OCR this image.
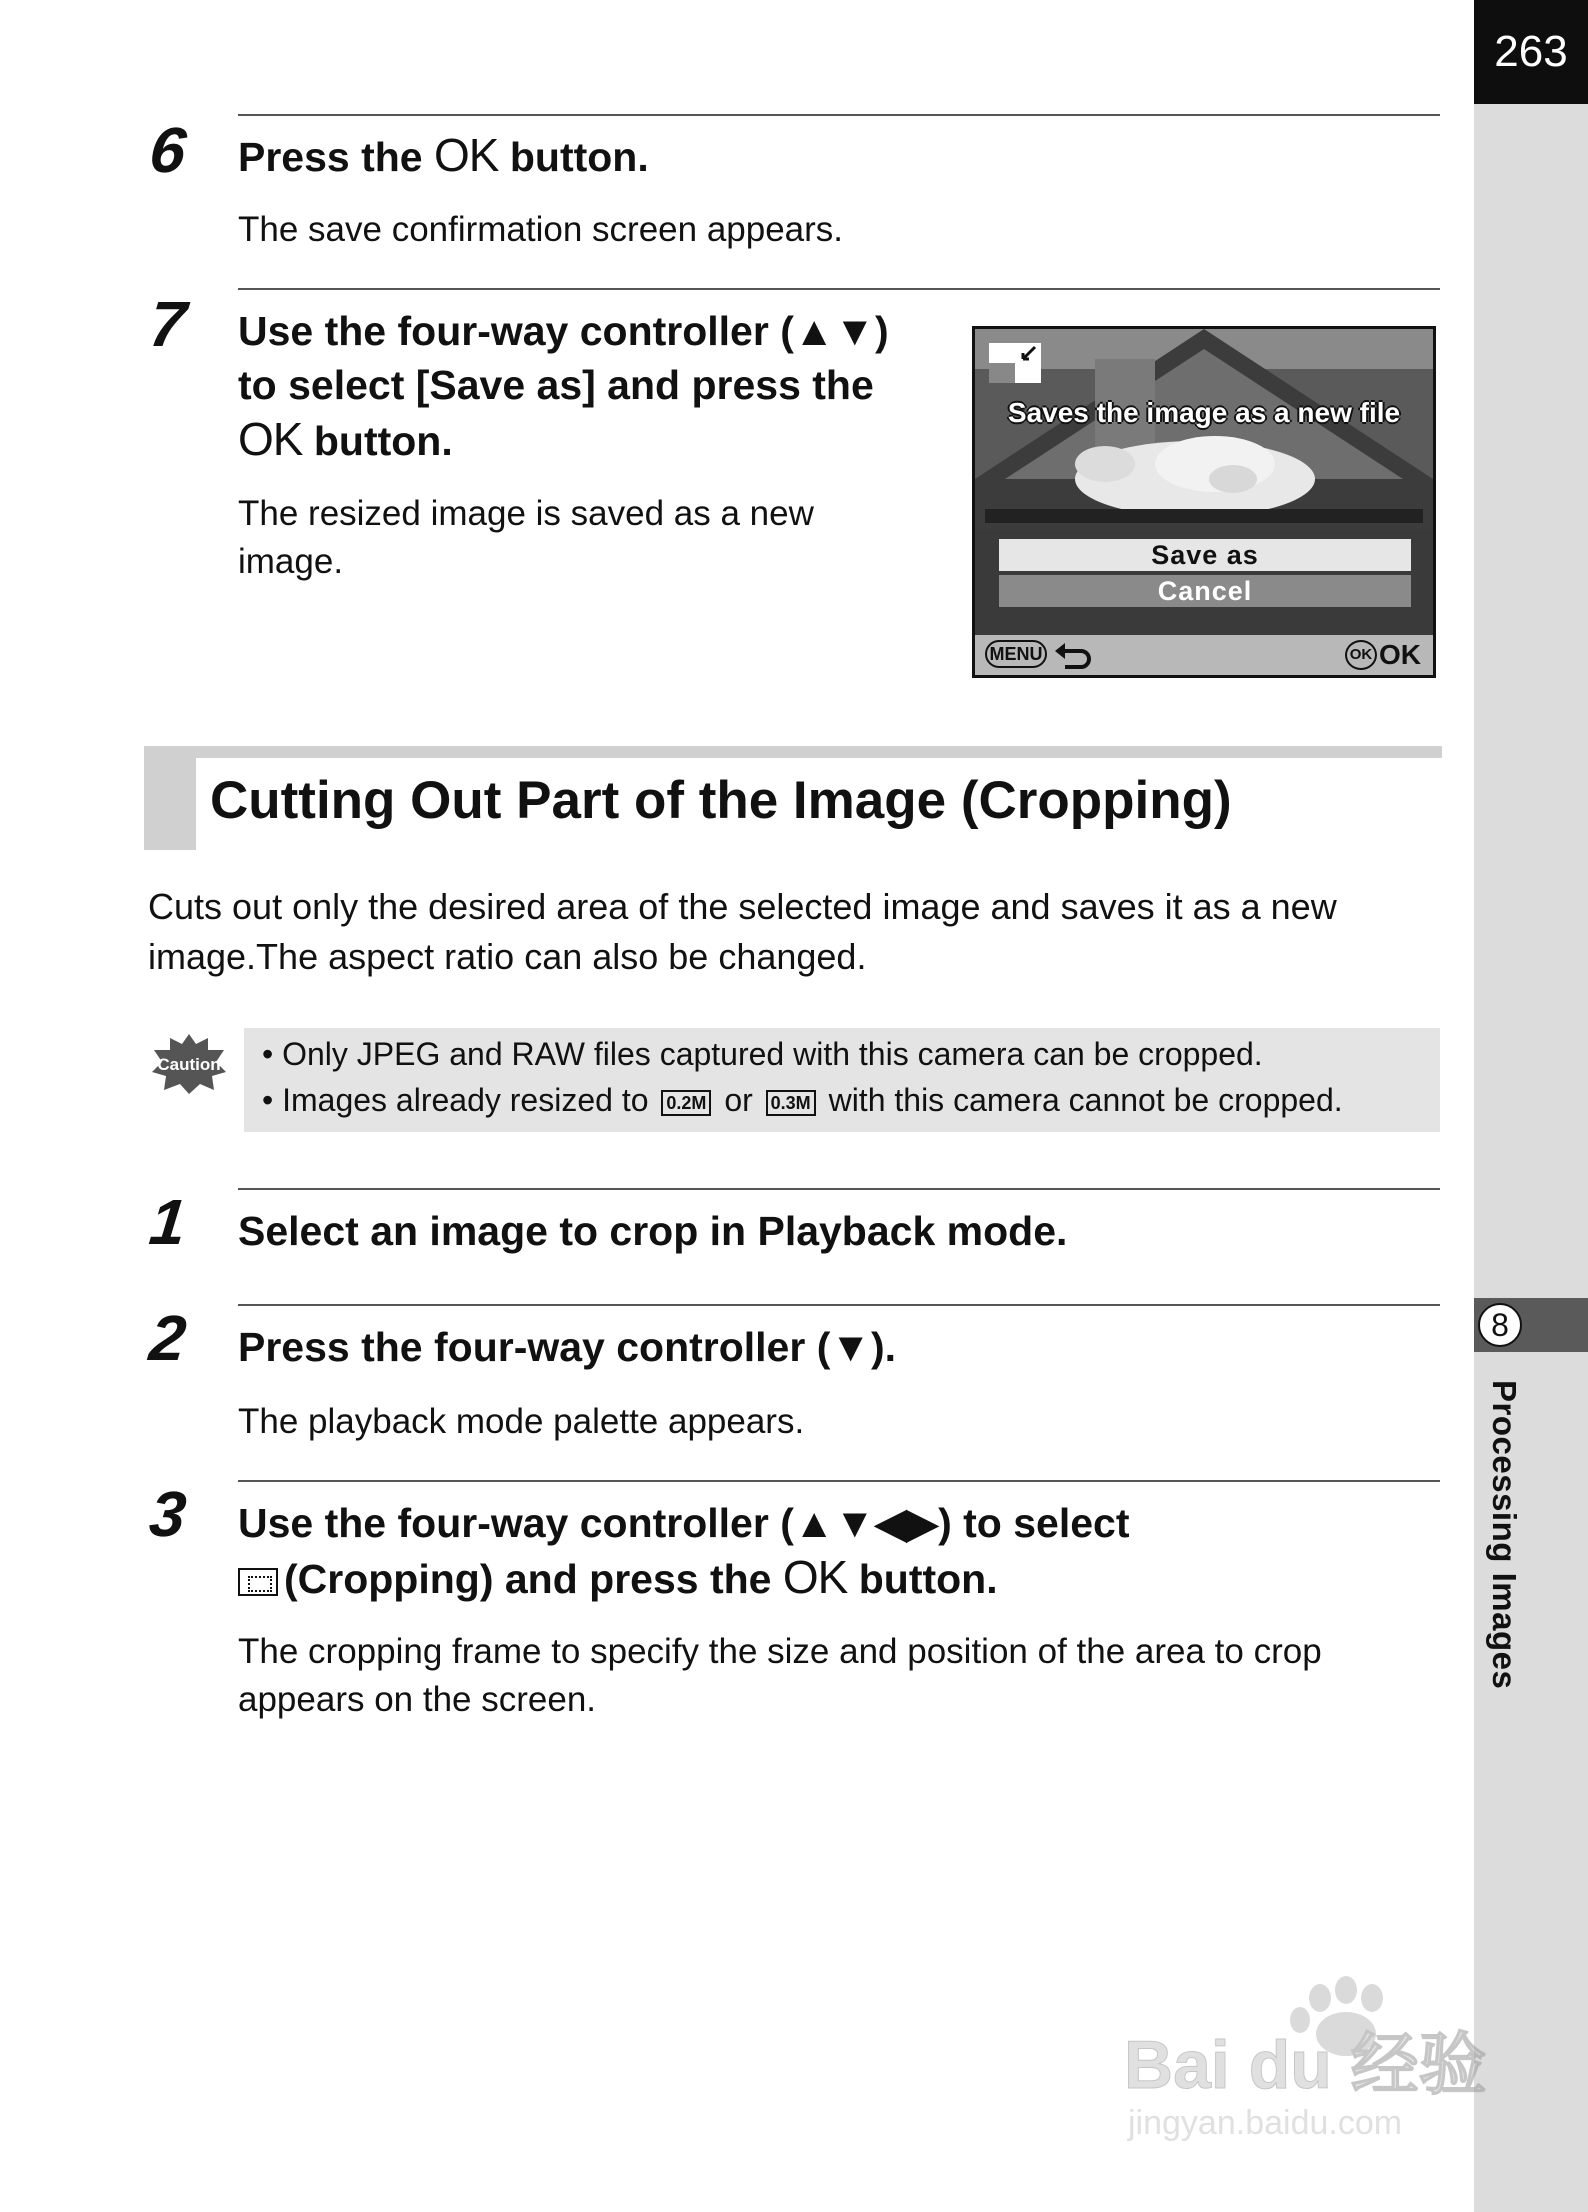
263
8
Processing Images
6 Press the OK button.
The save confirmation screen appears.
7 Use the four-way controller (▲▼)
to select [Save as] and press the
OK button.
The resized image is saved as a new
image.
Saves the image as a new file
Save as
Cancel
MENU	OK OK
Cutting Out Part of the Image (Cropping)
Cuts out only the desired area of the selected image and saves it as a new
image.The aspect ratio can also be changed.
Caution • Only JPEG and RAW files captured with this camera can be cropped.
• Images already resized to 0.2M or 0.3M with this camera cannot be cropped.
1 Select an image to crop in Playback mode.
2 Press the four-way controller (▼).
The playback mode palette appears.
3 Use the four-way controller (▲▼◀▶) to select
(Cropping) and press the OK button.
The cropping frame to specify the size and position of the area to crop
appears on the screen.
Bai du 经验
jingyan.baidu.com
